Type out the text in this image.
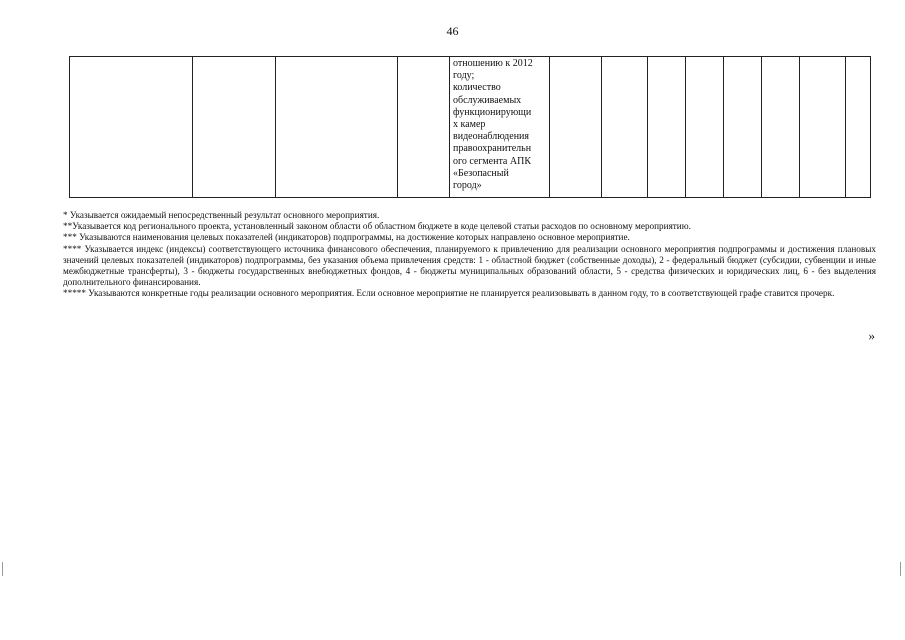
46

отношению к 2012
году;
количество
обслуживаемых
функционирующи
х камер
видеонаблюдения
правоохранительн
ого сегмента АПК
«Безопасный
город»

* Указывается ожидаемый непосредственный результат основного мероприятия.

**Указывается код регионального проекта, установленный законом области об областном бюджете в коде целевой статьи расходов по основному мероприятию.

*** Указываются наименования целевых показателей (индикаторов) подпрограммы, на достижение которых направлено основное мероприятие.

**** Указывается индекс (индексы) соответствующего источника финансового обеспечения, планируемого к привлечению для реализации основного мероприятия подпрограммы и достижения плановых значений целевых показателей (индикаторов) подпрограммы, без указания объема привлечения средств: 1 - областной бюджет (собственные доходы), 2 - федеральный бюджет (субсидии, субвенции и иные межбюджетные трансферты), 3 - бюджеты государственных внебюджетных фондов, 4 - бюджеты муниципальных образований области, 5 - средства физических и юридических лиц, 6 - без выделения дополнительного финансирования.

***** Указываются конкретные годы реализации основного мероприятия. Если основное мероприятие не планируется реализовывать в данном году, то в соответствующей графе ставится прочерк.

»
